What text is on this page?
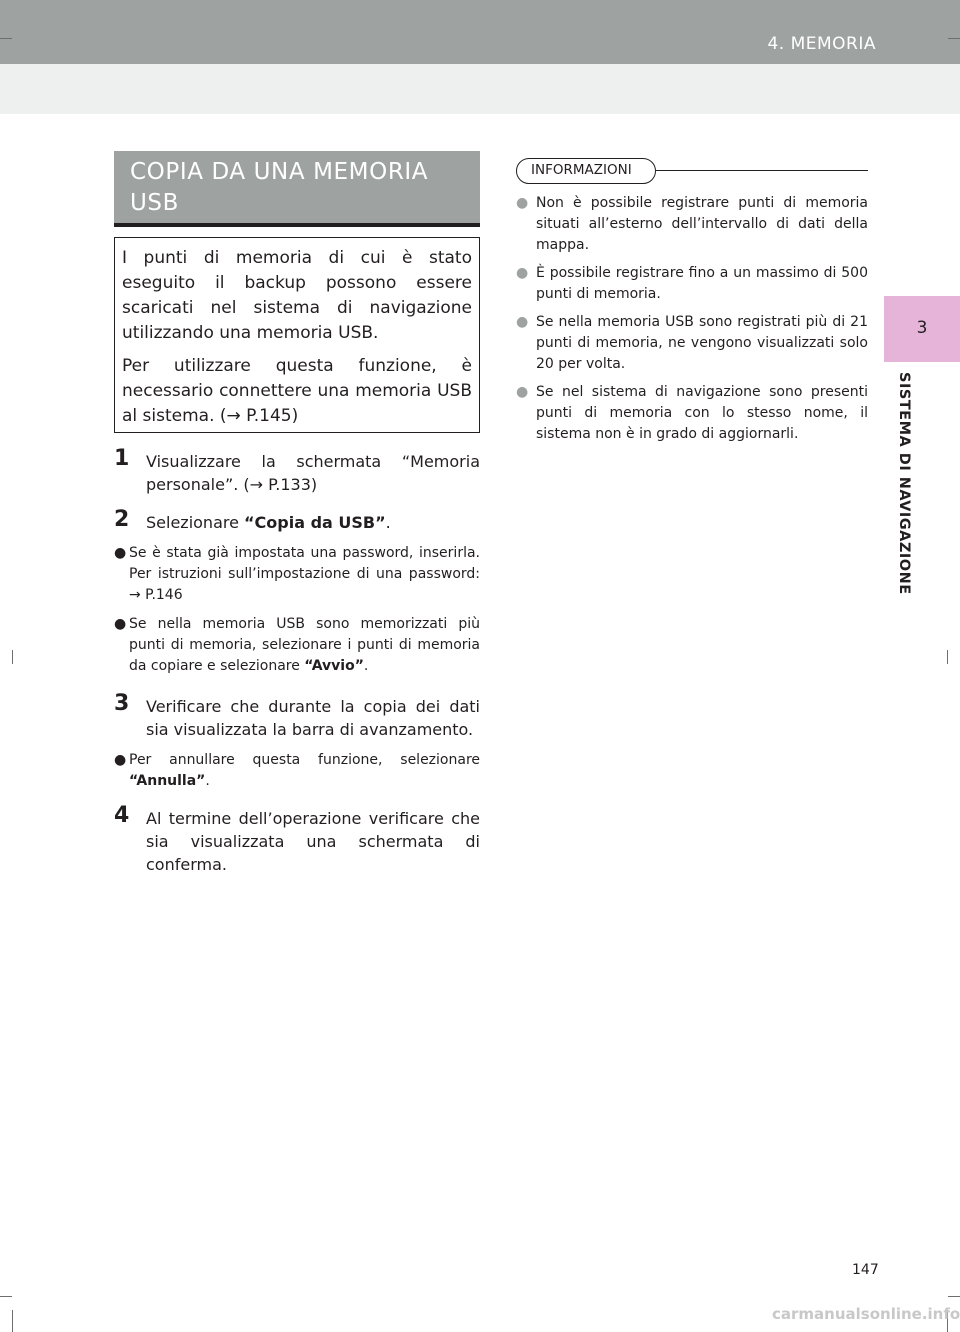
4. MEMORIA
3
SISTEMA DI NAVIGAZIONE
COPIA DA UNA MEMORIA USB

I punti di memoria di cui è stato eseguito il backup possono essere scaricati nel sistema di navigazione utilizzando una memoria USB.

Per utilizzare questa funzione, è necessario connettere una memoria USB al sistema. (→ P.145)

1 Visualizzare la schermata “Memoria personale”. (→ P.133)
2 Selezionare “Copia da USB”.
● Se è stata già impostata una password, inserirla. Per istruzioni sull’impostazione di una password: → P.146
● Se nella memoria USB sono memorizzati più punti di memoria, selezionare i punti di memoria da copiare e selezionare “Avvio”.
3 Verificare che durante la copia dei dati sia visualizzata la barra di avanzamento.
● Per annullare questa funzione, selezionare “Annulla”.
4 Al termine dell’operazione verificare che sia visualizzata una schermata di conferma.
INFORMAZIONI
● Non è possibile registrare punti di memoria situati all’esterno dell’intervallo di dati della mappa.
● È possibile registrare fino a un massimo di 500 punti di memoria.
● Se nella memoria USB sono registrati più di 21 punti di memoria, ne vengono visualizzati solo 20 per volta.
● Se nel sistema di navigazione sono presenti punti di memoria con lo stesso nome, il sistema non è in grado di aggiornarli.
147
carmanualsonline.info
